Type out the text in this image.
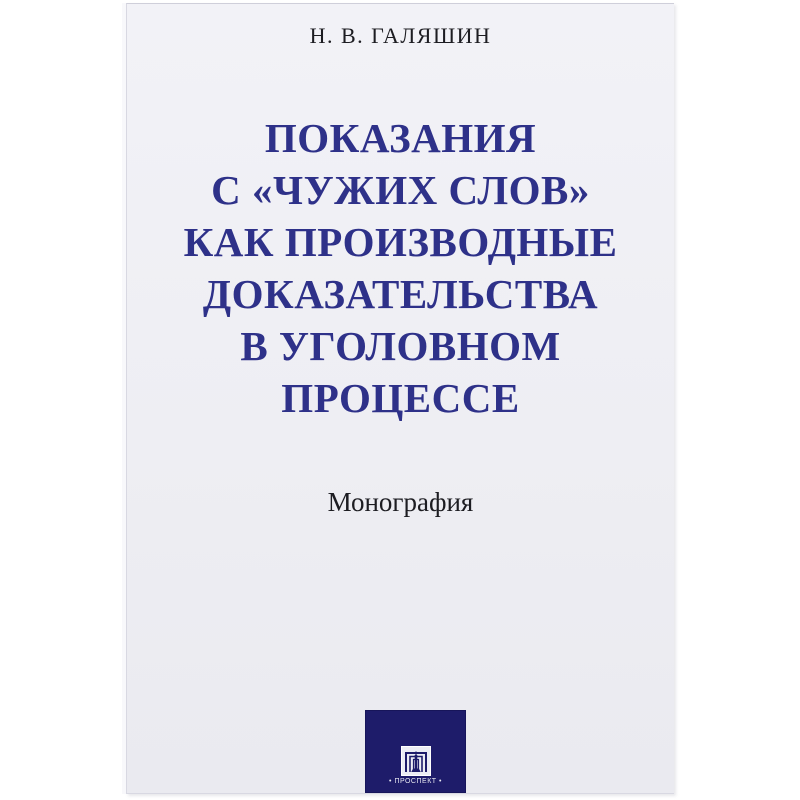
Н. В. ГАЛЯШИН
ПОКАЗАНИЯ
С «ЧУЖИХ СЛОВ»
КАК ПРОИЗВОДНЫЕ
ДОКАЗАТЕЛЬСТВА
В УГОЛОВНОМ
ПРОЦЕССЕ
Монография
• ПРОСПЕКТ •
